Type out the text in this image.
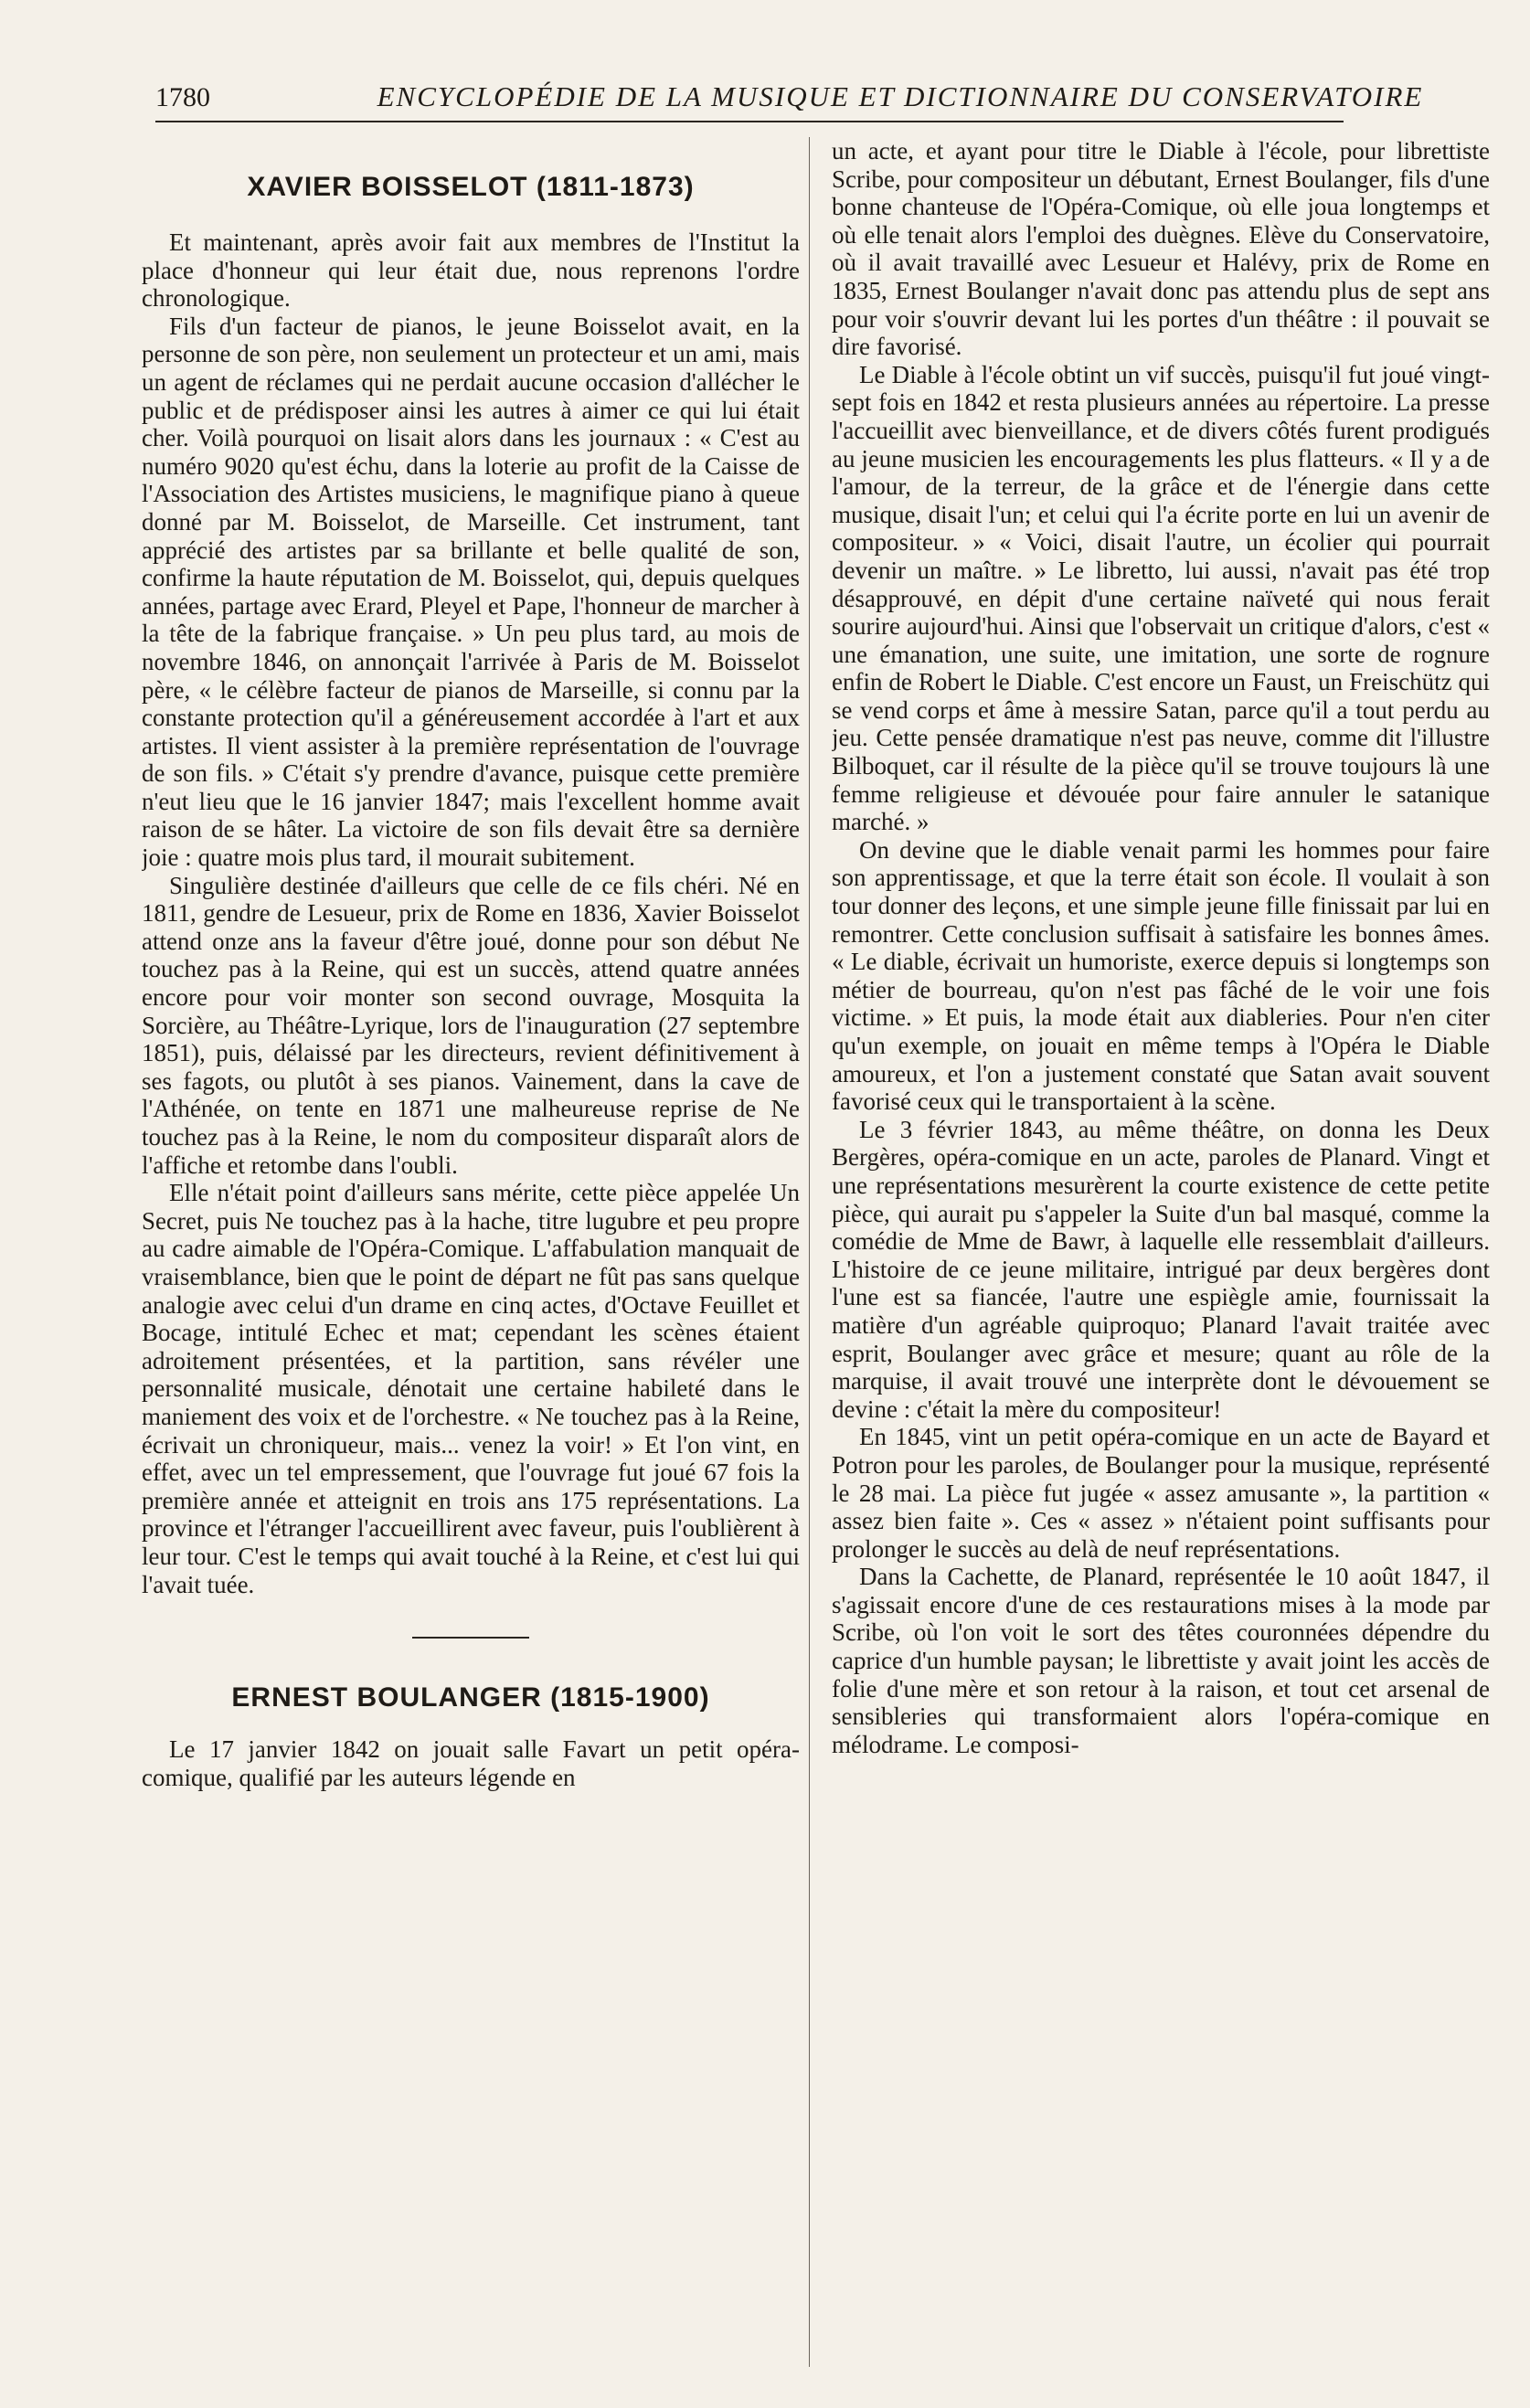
1780	ENCYCLOPÉDIE DE LA MUSIQUE ET DICTIONNAIRE DU CONSERVATOIRE
XAVIER BOISSELOT (1811-1873)

Et maintenant, après avoir fait aux membres de l'Institut la place d'honneur qui leur était due, nous reprenons l'ordre chronologique.

Fils d'un facteur de pianos, le jeune Boisselot avait, en la personne de son père, non seulement un protecteur et un ami, mais un agent de réclames qui ne perdait aucune occasion d'allécher le public et de prédisposer ainsi les autres à aimer ce qui lui était cher. Voilà pourquoi on lisait alors dans les journaux : « C'est au numéro 9020 qu'est échu, dans la loterie au profit de la Caisse de l'Association des Artistes musiciens, le magnifique piano à queue donné par M. Boisselot, de Marseille. Cet instrument, tant apprécié des artistes par sa brillante et belle qualité de son, confirme la haute réputation de M. Boisselot, qui, depuis quelques années, partage avec Erard, Pleyel et Pape, l'honneur de marcher à la tête de la fabrique française. » Un peu plus tard, au mois de novembre 1846, on annonçait l'arrivée à Paris de M. Boisselot père, « le célèbre facteur de pianos de Marseille, si connu par la constante protection qu'il a généreusement accordée à l'art et aux artistes. Il vient assister à la première représentation de l'ouvrage de son fils. » C'était s'y prendre d'avance, puisque cette première n'eut lieu que le 16 janvier 1847; mais l'excellent homme avait raison de se hâter. La victoire de son fils devait être sa dernière joie : quatre mois plus tard, il mourait subitement.

Singulière destinée d'ailleurs que celle de ce fils chéri. Né en 1811, gendre de Lesueur, prix de Rome en 1836, Xavier Boisselot attend onze ans la faveur d'être joué, donne pour son début Ne touchez pas à la Reine, qui est un succès, attend quatre années encore pour voir monter son second ouvrage, Mosquita la Sorcière, au Théâtre-Lyrique, lors de l'inauguration (27 septembre 1851), puis, délaissé par les directeurs, revient définitivement à ses fagots, ou plutôt à ses pianos. Vainement, dans la cave de l'Athénée, on tente en 1871 une malheureuse reprise de Ne touchez pas à la Reine, le nom du compositeur disparaît alors de l'affiche et retombe dans l'oubli.

Elle n'était point d'ailleurs sans mérite, cette pièce appelée Un Secret, puis Ne touchez pas à la hache, titre lugubre et peu propre au cadre aimable de l'Opéra-Comique. L'affabulation manquait de vraisemblance, bien que le point de départ ne fût pas sans quelque analogie avec celui d'un drame en cinq actes, d'Octave Feuillet et Bocage, intitulé Echec et mat; cependant les scènes étaient adroitement présentées, et la partition, sans révéler une personnalité musicale, dénotait une certaine habileté dans le maniement des voix et de l'orchestre. « Ne touchez pas à la Reine, écrivait un chroniqueur, mais... venez la voir! » Et l'on vint, en effet, avec un tel empressement, que l'ouvrage fut joué 67 fois la première année et atteignit en trois ans 175 représentations. La province et l'étranger l'accueillirent avec faveur, puis l'oublièrent à leur tour. C'est le temps qui avait touché à la Reine, et c'est lui qui l'avait tuée.

ERNEST BOULANGER (1815-1900)

Le 17 janvier 1842 on jouait salle Favart un petit opéra-comique, qualifié par les auteurs légende en

un acte, et ayant pour titre le Diable à l'école, pour librettiste Scribe, pour compositeur un débutant, Ernest Boulanger, fils d'une bonne chanteuse de l'Opéra-Comique, où elle joua longtemps et où elle tenait alors l'emploi des duègnes. Elève du Conservatoire, où il avait travaillé avec Lesueur et Halévy, prix de Rome en 1835, Ernest Boulanger n'avait donc pas attendu plus de sept ans pour voir s'ouvrir devant lui les portes d'un théâtre : il pouvait se dire favorisé.

Le Diable à l'école obtint un vif succès, puisqu'il fut joué vingt-sept fois en 1842 et resta plusieurs années au répertoire. La presse l'accueillit avec bienveillance, et de divers côtés furent prodigués au jeune musicien les encouragements les plus flatteurs. « Il y a de l'amour, de la terreur, de la grâce et de l'énergie dans cette musique, disait l'un; et celui qui l'a écrite porte en lui un avenir de compositeur. » « Voici, disait l'autre, un écolier qui pourrait devenir un maître. » Le libretto, lui aussi, n'avait pas été trop désapprouvé, en dépit d'une certaine naïveté qui nous ferait sourire aujourd'hui. Ainsi que l'observait un critique d'alors, c'est « une émanation, une suite, une imitation, une sorte de rognure enfin de Robert le Diable. C'est encore un Faust, un Freischütz qui se vend corps et âme à messire Satan, parce qu'il a tout perdu au jeu. Cette pensée dramatique n'est pas neuve, comme dit l'illustre Bilboquet, car il résulte de la pièce qu'il se trouve toujours là une femme religieuse et dévouée pour faire annuler le satanique marché. »

On devine que le diable venait parmi les hommes pour faire son apprentissage, et que la terre était son école. Il voulait à son tour donner des leçons, et une simple jeune fille finissait par lui en remontrer. Cette conclusion suffisait à satisfaire les bonnes âmes. « Le diable, écrivait un humoriste, exerce depuis si longtemps son métier de bourreau, qu'on n'est pas fâché de le voir une fois victime. » Et puis, la mode était aux diableries. Pour n'en citer qu'un exemple, on jouait en même temps à l'Opéra le Diable amoureux, et l'on a justement constaté que Satan avait souvent favorisé ceux qui le transportaient à la scène.

Le 3 février 1843, au même théâtre, on donna les Deux Bergères, opéra-comique en un acte, paroles de Planard. Vingt et une représentations mesurèrent la courte existence de cette petite pièce, qui aurait pu s'appeler la Suite d'un bal masqué, comme la comédie de Mme de Bawr, à laquelle elle ressemblait d'ailleurs. L'histoire de ce jeune militaire, intrigué par deux bergères dont l'une est sa fiancée, l'autre une espiègle amie, fournissait la matière d'un agréable quiproquo; Planard l'avait traitée avec esprit, Boulanger avec grâce et mesure; quant au rôle de la marquise, il avait trouvé une interprète dont le dévouement se devine : c'était la mère du compositeur!

En 1845, vint un petit opéra-comique en un acte de Bayard et Potron pour les paroles, de Boulanger pour la musique, représenté le 28 mai. La pièce fut jugée « assez amusante », la partition « assez bien faite ». Ces « assez » n'étaient point suffisants pour prolonger le succès au delà de neuf représentations.

Dans la Cachette, de Planard, représentée le 10 août 1847, il s'agissait encore d'une de ces restaurations mises à la mode par Scribe, où l'on voit le sort des têtes couronnées dépendre du caprice d'un humble paysan; le librettiste y avait joint les accès de folie d'une mère et son retour à la raison, et tout cet arsenal de sensibleries qui transformaient alors l'opéra-comique en mélodrame. Le composi-
